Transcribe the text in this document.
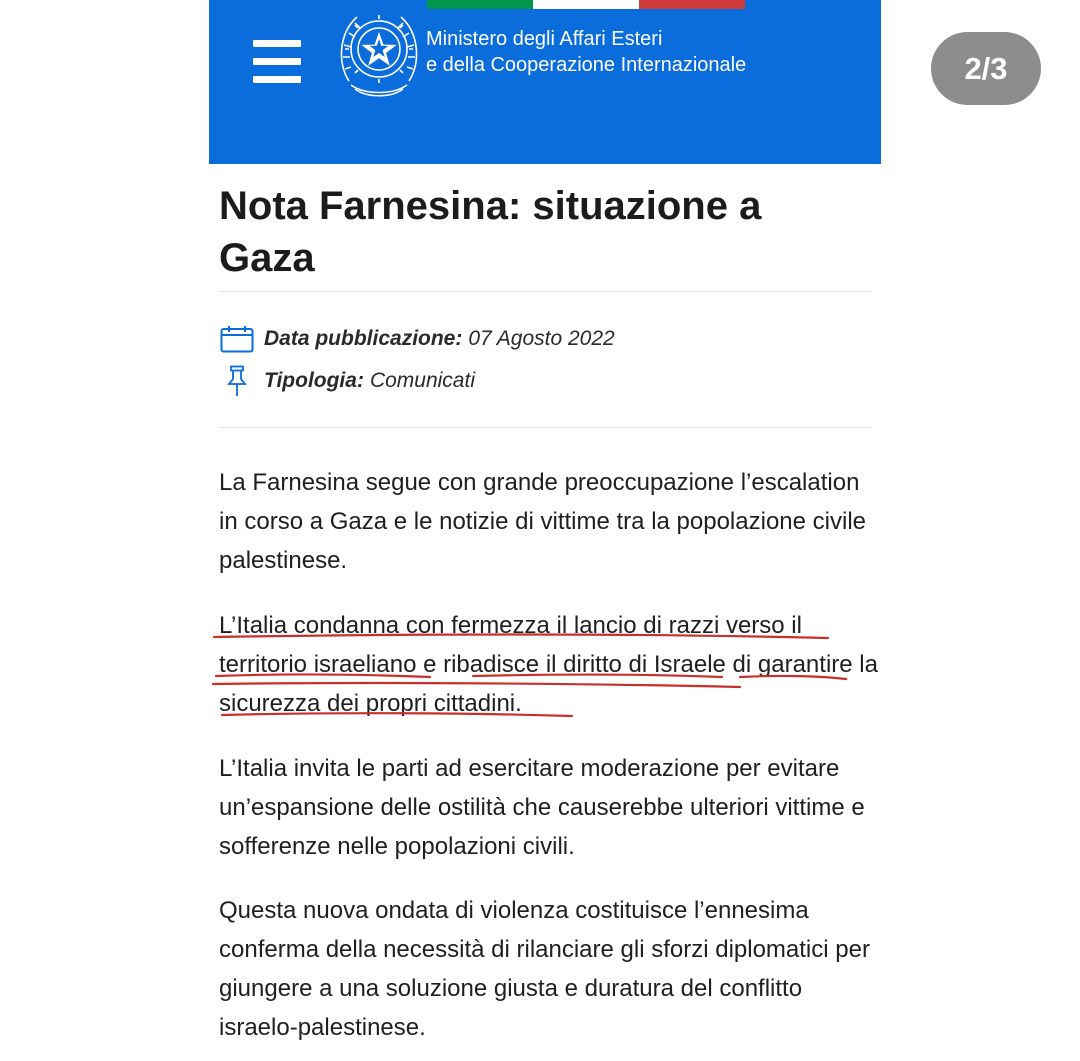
Ministero degli Affari Esteri
e della Cooperazione Internazionale	2/3
Nota Farnesina: situazione a Gaza
Data pubblicazione: 07 Agosto 2022
Tipologia: Comunicati

La Farnesina segue con grande preoccupazione l’escalation in corso a Gaza e le notizie di vittime tra la popolazione civile palestinese.

L’Italia condanna con fermezza il lancio di razzi verso il territorio israeliano e ribadisce il diritto di Israele di garantire la sicurezza dei propri cittadini.

L’Italia invita le parti ad esercitare moderazione per evitare un’espansione delle ostilità che causerebbe ulteriori vittime e sofferenze nelle popolazioni civili.

Questa nuova ondata di violenza costituisce l’ennesima conferma della necessità di rilanciare gli sforzi diplomatici per giungere a una soluzione giusta e duratura del conflitto israelo-palestinese.
